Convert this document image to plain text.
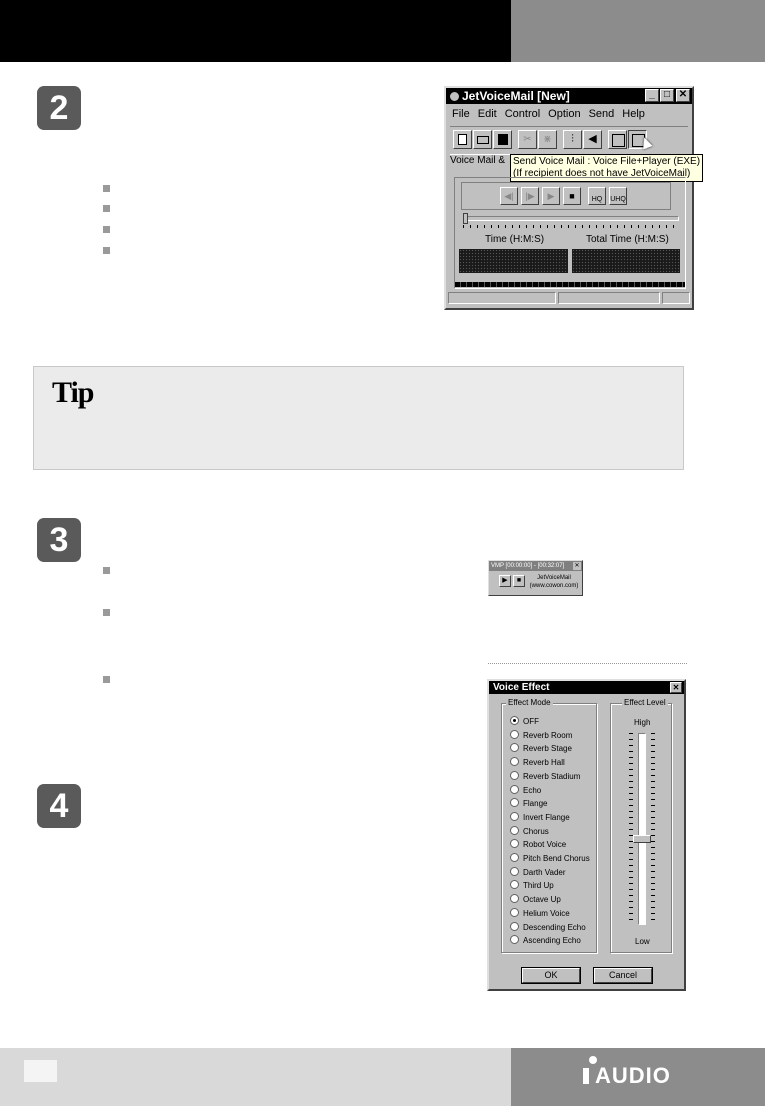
2	JetVoiceMail [New]	_ □ ✕
File Edit Control Option Send Help
✂	⋇	⫶	◀
Voice Mail & Send Voice Mail : Voice File+Player (EXE)
(If recipient does not have JetVoiceMail)
◀|	|▶	▶	■	HQ	UHQ
Time (H:M:S)	Total Time (H:M:S)
Tip
3
VMP [00:00:00] - [00:32:07]	✕
▶	■	JetVoiceMail
(www.cowon.com)
4
Voice Effect	✕
Effect Mode
OFF
Reverb Room
Reverb Stage
Reverb Hall
Reverb Stadium
Echo
Flange
Invert Flange
Chorus
Robot Voice
Pitch Bend Chorus
Darth Vader
Third Up
Octave Up
Helium Voice
Descending Echo
Ascending Echo
Effect Level
High
Low
OK	Cancel
AUDIO
